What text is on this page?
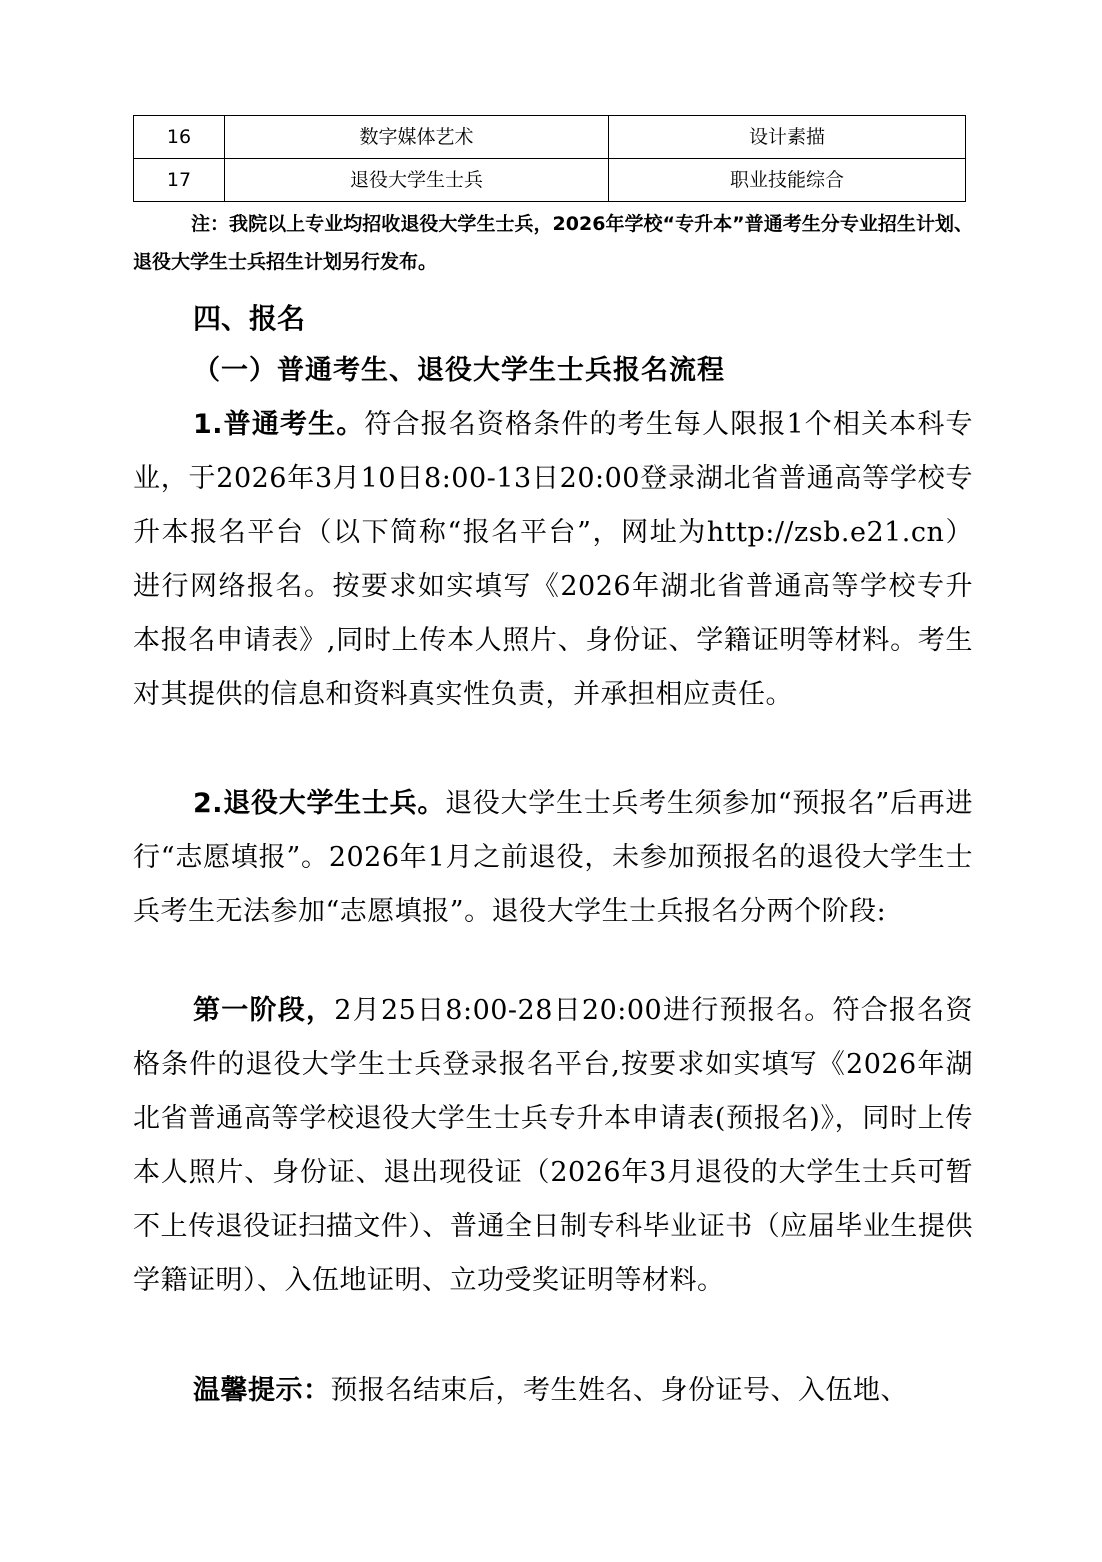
16	数字媒体艺术	设计素描
17	退役大学生士兵	职业技能综合

注：我院以上专业均招收退役大学生士兵，2026年学校“专升本”普通考生分专业招生计划、退役大学生士兵招生计划另行发布。

四、报名
（一）普通考生、退役大学生士兵报名流程

1.普通考生。符合报名资格条件的考生每人限报1个相关本科专业，于2026年3月10日8:00-13日20:00登录湖北省普通高等学校专升本报名平台（以下简称“报名平台”，网址为http://zsb.e21.cn）进行网络报名。按要求如实填写《2026年湖北省普通高等学校专升本报名申请表》,同时上传本人照片、身份证、学籍证明等材料。考生对其提供的信息和资料真实性负责，并承担相应责任。

2.退役大学生士兵。退役大学生士兵考生须参加“预报名”后再进行“志愿填报”。2026年1月之前退役，未参加预报名的退役大学生士兵考生无法参加“志愿填报”。退役大学生士兵报名分两个阶段:

第一阶段，2月25日8:00-28日20:00进行预报名。符合报名资格条件的退役大学生士兵登录报名平台,按要求如实填写《2026年湖北省普通高等学校退役大学生士兵专升本申请表(预报名)》，同时上传本人照片、身份证、退出现役证（2026年3月退役的大学生士兵可暂不上传退役证扫描文件）、普通全日制专科毕业证书（应届毕业生提供学籍证明）、入伍地证明、立功受奖证明等材料。

温馨提示：预报名结束后，考生姓名、身份证号、入伍地、
